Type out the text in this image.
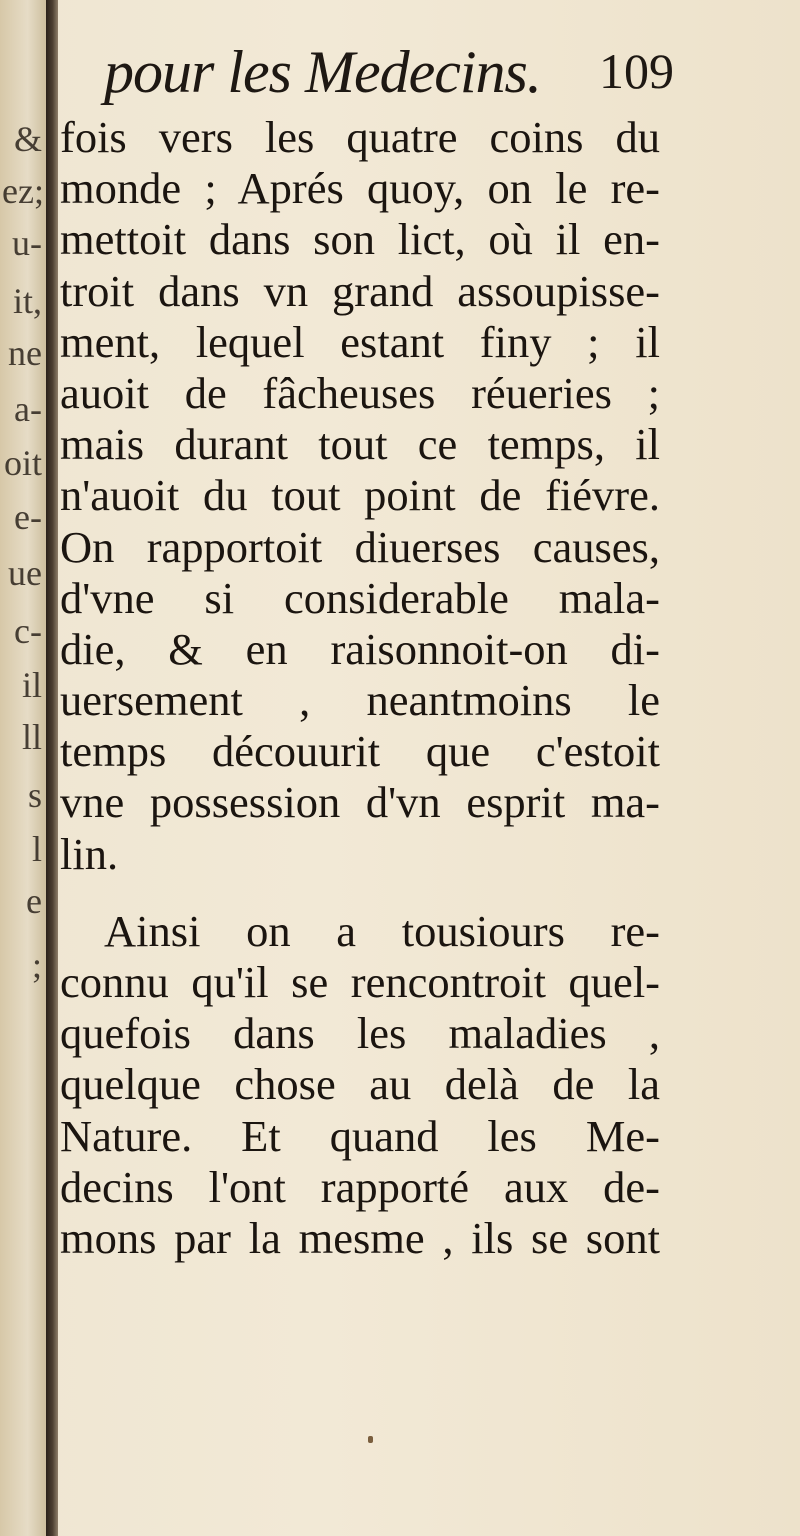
&
ez;
u-
it,
ne
a-
oit
e-
ue
c-
il
ll
s
l
e
;
pour les Medecins. 109
fois vers les quatre coins du
monde ; Aprés quoy, on le re-
mettoit dans son lict, où il en-
troit dans vn grand assoupisse-
ment, lequel estant finy ; il
auoit de fâcheuses réueries ;
mais durant tout ce temps, il
n'auoit du tout point de fiévre.
On rapportoit diuerses causes,
d'vne si considerable mala-
die, & en raisonnoit-on di-
uersement , neantmoins le
temps découurit que c'estoit
vne possession d'vn esprit ma-
lin.
Ainsi on a tousiours re-
connu qu'il se rencontroit quel-
quefois dans les maladies ,
quelque chose au delà de la
Nature. Et quand les Me-
decins l'ont rapporté aux de-
mons par la mesme , ils se sont
